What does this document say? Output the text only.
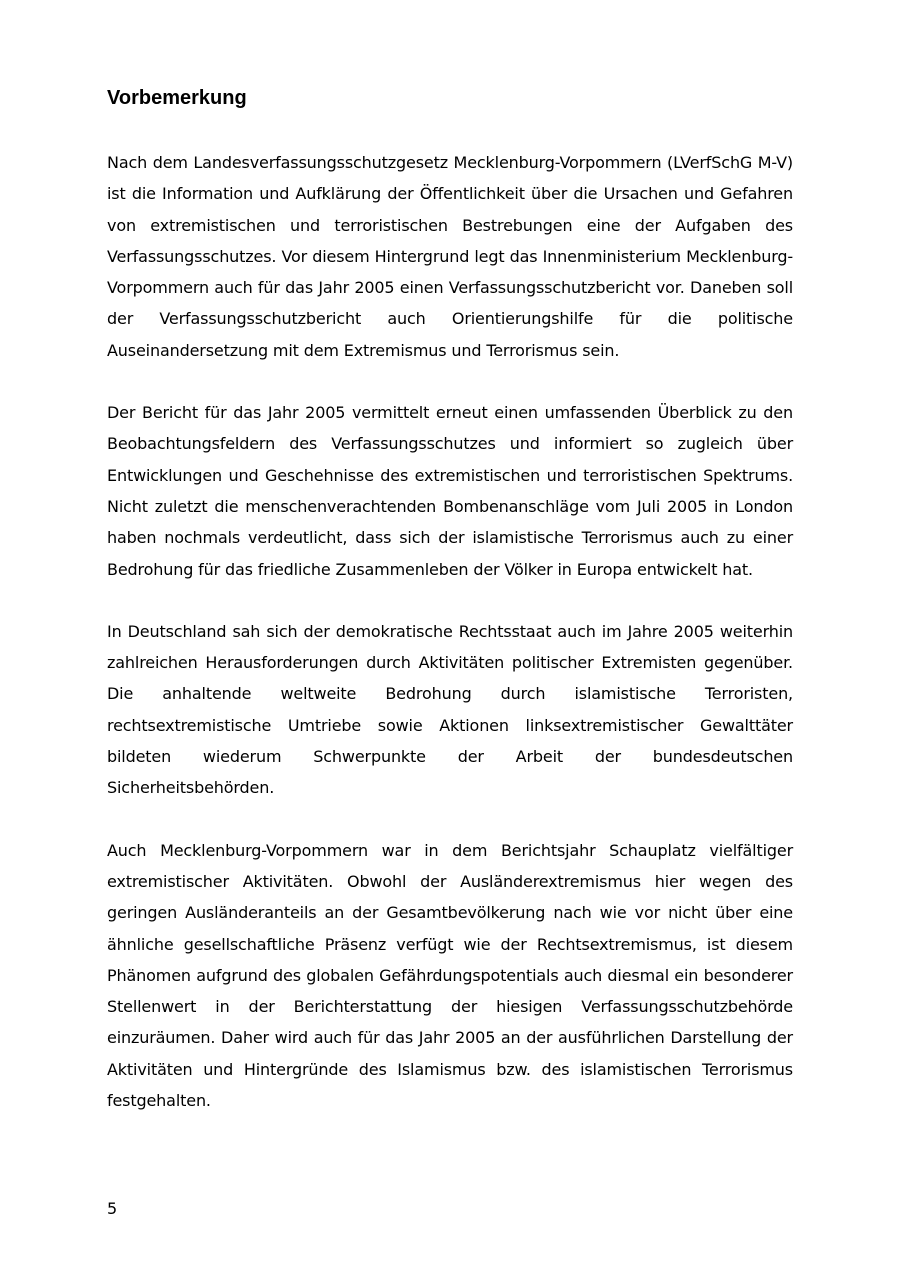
Vorbemerkung

Nach dem Landesverfassungsschutzgesetz Mecklenburg-Vorpommern (LVerfSchG M-V) ist die Information und Aufklärung der Öffentlichkeit über die Ursachen und Gefahren von extremistischen und terroristischen Bestrebungen eine der Aufgaben des Verfassungsschutzes. Vor diesem Hintergrund legt das Innenministerium Mecklenburg-Vorpommern auch für das Jahr 2005 einen Verfassungsschutzbericht vor. Daneben soll der Verfassungsschutzbericht auch Orientierungshilfe für die politische Auseinandersetzung mit dem Extremismus und Terrorismus sein.

Der Bericht für das Jahr 2005 vermittelt erneut einen umfassenden Überblick zu den Beobachtungsfeldern des Verfassungsschutzes und informiert so zugleich über Entwicklungen und Geschehnisse des extremistischen und terroristischen Spektrums. Nicht zuletzt die menschenverachtenden Bombenanschläge vom Juli 2005 in London haben nochmals verdeutlicht, dass sich der islamistische Terrorismus auch zu einer Bedrohung für das friedliche Zusammenleben der Völker in Europa entwickelt hat.

In Deutschland sah sich der demokratische Rechtsstaat auch im Jahre 2005 weiterhin zahlreichen Herausforderungen durch Aktivitäten politischer Extremisten gegenüber. Die anhaltende weltweite Bedrohung durch islamistische Terroristen, rechtsextremistische Umtriebe sowie Aktionen linksextremistischer Gewalttäter bildeten wiederum Schwerpunkte der Arbeit der bundesdeutschen Sicherheitsbehörden.

Auch Mecklenburg-Vorpommern war in dem Berichtsjahr Schauplatz vielfältiger extremistischer Aktivitäten. Obwohl der Ausländerextremismus hier wegen des geringen Ausländeranteils an der Gesamtbevölkerung nach wie vor nicht über eine ähnliche gesellschaftliche Präsenz verfügt wie der Rechtsextremismus, ist diesem Phänomen aufgrund des globalen Gefährdungspotentials auch diesmal ein besonderer Stellenwert in der Berichterstattung der hiesigen Verfassungsschutzbehörde einzuräumen. Daher wird auch für das Jahr 2005 an der ausführlichen Darstellung der Aktivitäten und Hintergründe des Islamismus bzw. des islamistischen Terrorismus festgehalten.

5
